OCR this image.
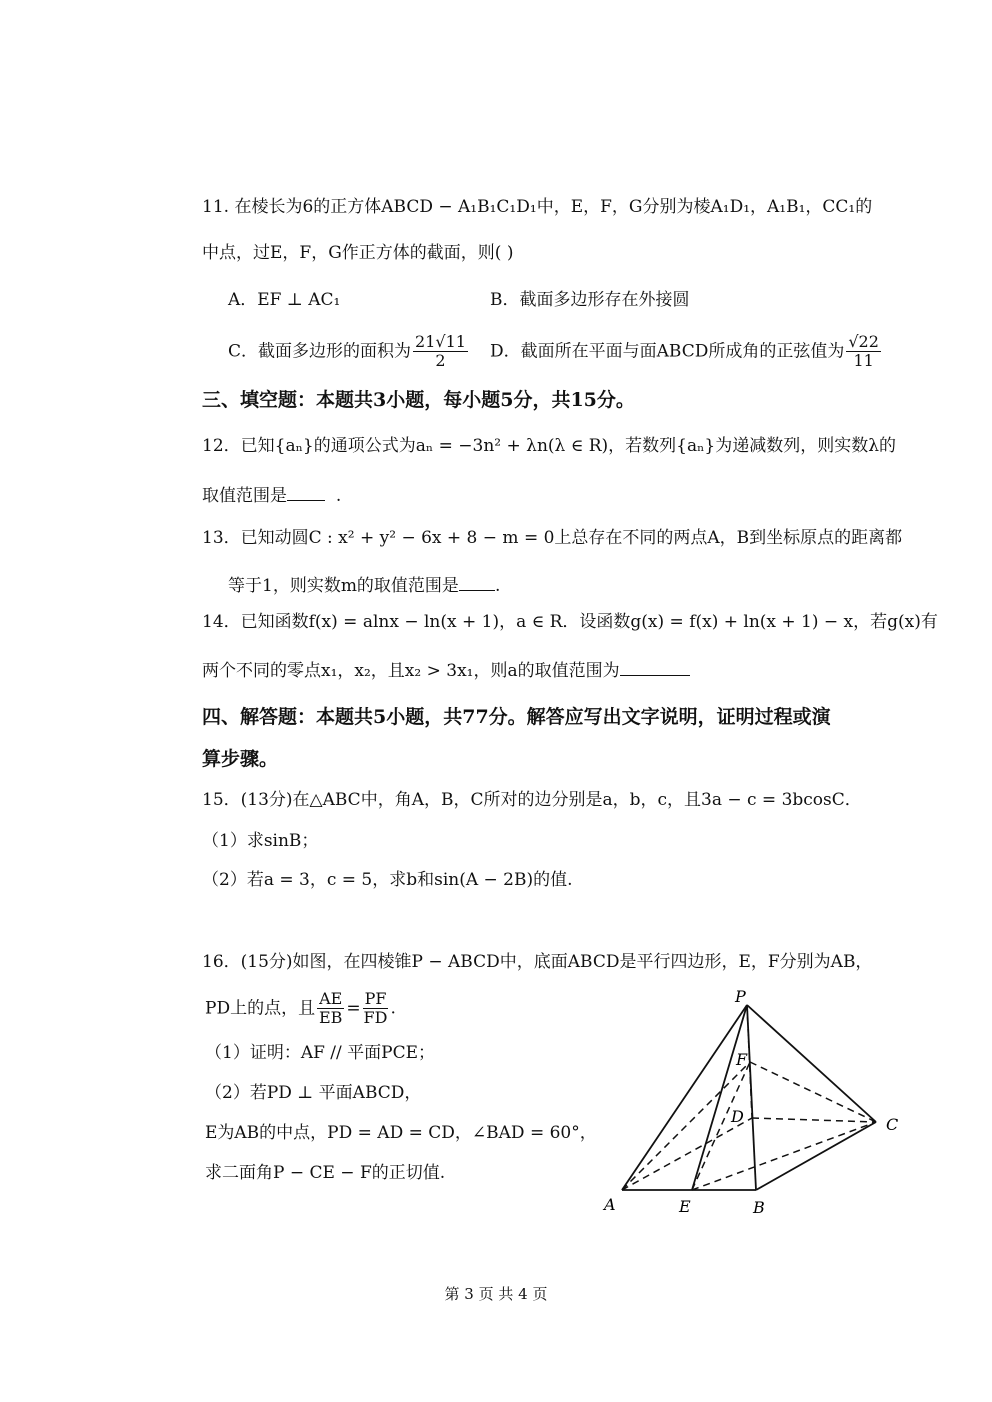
11. 在棱长为6的正方体ABCD − A₁B₁C₁D₁中，E，F，G分别为棱A₁D₁，A₁B₁，CC₁的
中点，过E，F，G作正方体的截面，则( )
A．EF ⊥ AC₁	B．截面多边形存在外接圆
C．截面多边形的面积为 $\frac{21√11}{2}$ D．截面所在平面与面ABCD所成角的正弦值为 $\frac{√22}{11}$
三、填空题：本题共3小题，每小题5分，共15分。
12．已知{aₙ}的通项公式为aₙ = −3n² + λn(λ ∈ R)，若数列{aₙ}为递减数列，则实数λ的
取值范围是	.
13．已知动圆C : x² + y² − 6x + 8 − m = 0上总存在不同的两点A，B到坐标原点的距离都
等于1，则实数m的取值范围是 .
14．已知函数f(x) = alnx − ln(x + 1)，a ∈ R．设函数g(x) = f(x) + ln(x + 1) − x，若g(x)有
两个不同的零点x₁，x₂，且x₂ > 3x₁，则a的取值范围为
四、解答题：本题共5小题，共77分。解答应写出文字说明，证明过程或演
算步骤。
15．(13分)在△ABC中，角A，B，C所对的边分别是a，b，c，且3a − c = 3bcosC．
（1）求sinB；
（2）若a = 3，c = 5，求b和sin(A − 2B)的值.
16．(15分)如图，在四棱锥P − ABCD中，底面ABCD是平行四边形，E，F分别为AB，
PD上的点，且 $\frac{AE}{EB} = \frac{PF}{FD}$ .
（1）证明：AF // 平面PCE；
（2）若PD ⊥ 平面ABCD，
E为AB的中点，PD = AD = CD，∠BAD = 60°，
求二面角P − CE − F的正切值.
P
F
D	C
A	E	B
第 3 页 共 4 页
